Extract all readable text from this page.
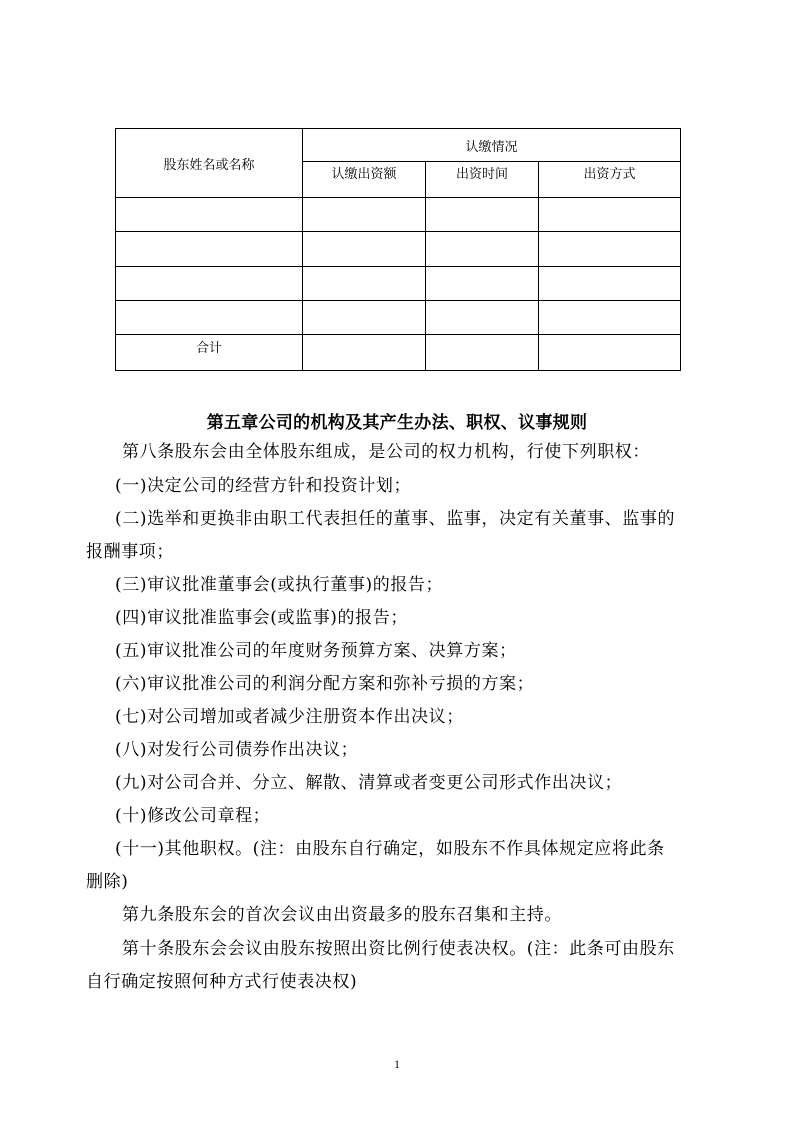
股东姓名或名称	认缴情况		
	认缴出资额	出资时间	出资方式

合计			
第五章公司的机构及其产生办法、职权、议事规则
第八条股东会由全体股东组成，是公司的权力机构，行使下列职权：
(一)决定公司的经营方针和投资计划；
(二)选举和更换非由职工代表担任的董事、监事，决定有关董事、监事的
报酬事项；
(三)审议批准董事会(或执行董事)的报告；
(四)审议批准监事会(或监事)的报告；
(五)审议批准公司的年度财务预算方案、决算方案；
(六)审议批准公司的利润分配方案和弥补亏损的方案；
(七)对公司增加或者减少注册资本作出决议；
(八)对发行公司债券作出决议；
(九)对公司合并、分立、解散、清算或者变更公司形式作出决议；
(十)修改公司章程；
(十一)其他职权。(注：由股东自行确定，如股东不作具体规定应将此条
删除)
第九条股东会的首次会议由出资最多的股东召集和主持。
第十条股东会会议由股东按照出资比例行使表决权。(注：此条可由股东
自行确定按照何种方式行使表决权)
1
